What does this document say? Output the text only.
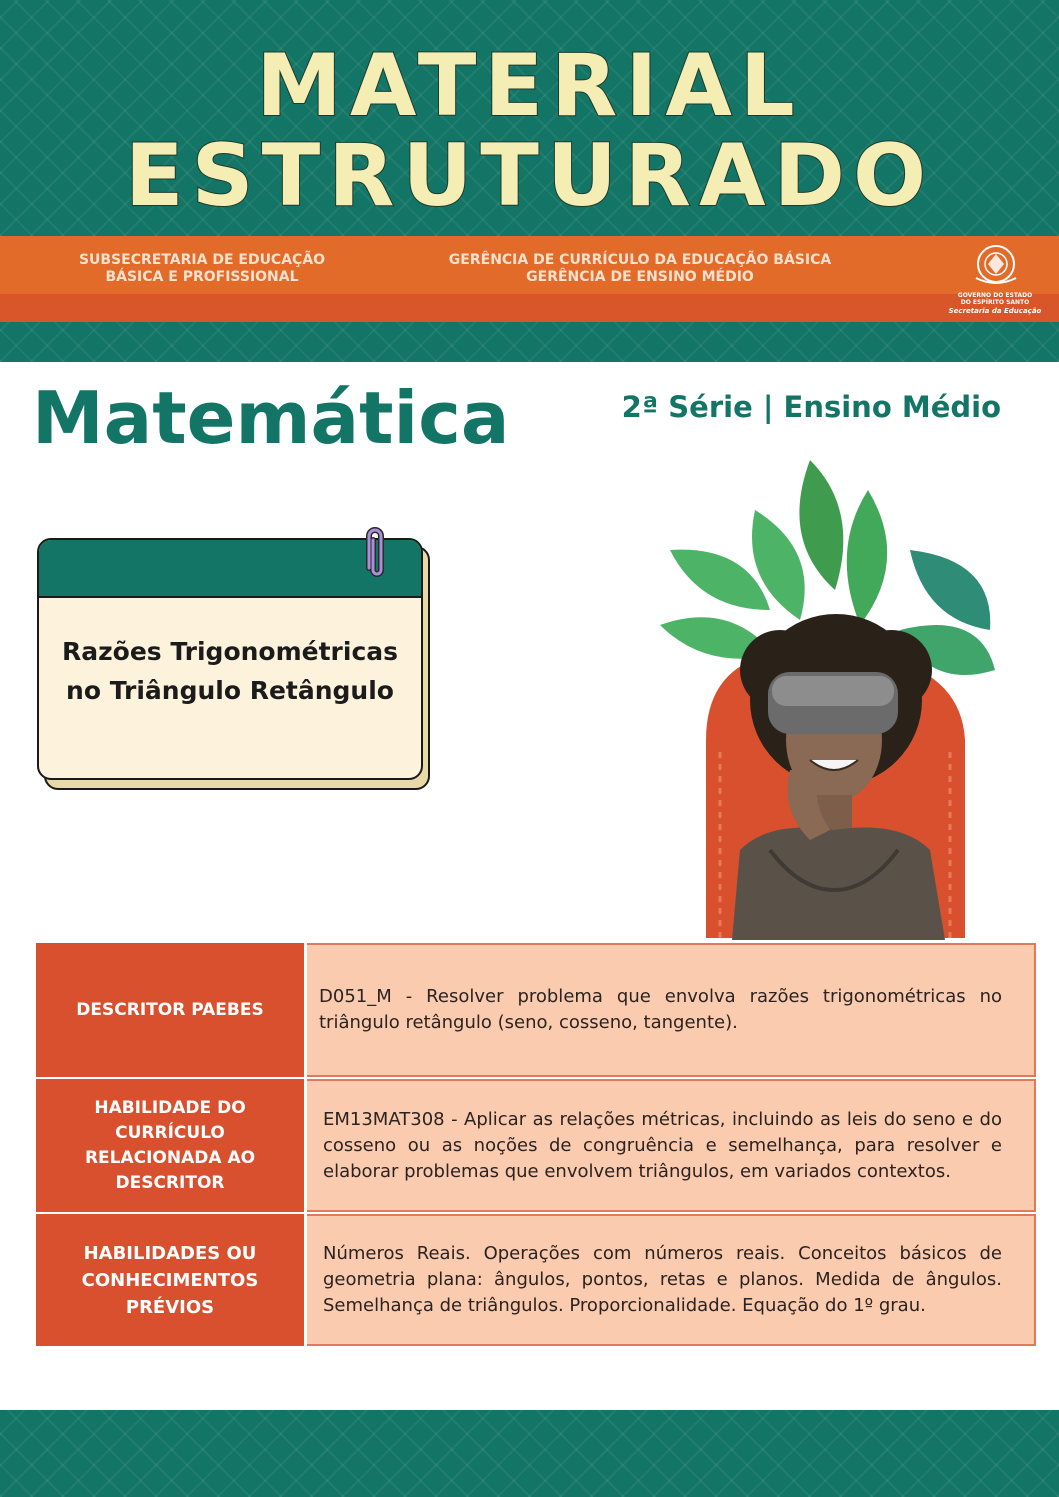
MATERIAL
ESTRUTURADO
SUBSECRETARIA DE EDUCAÇÃO
BÁSICA E PROFISSIONAL
GERÊNCIA DE CURRÍCULO DA EDUCAÇÃO BÁSICA
GERÊNCIA DE ENSINO MÉDIO
GOVERNO DO ESTADO
DO ESPÍRITO SANTO
Secretaria da Educação
Matemática	2ª Série | Ensino Médio
Razões Trigonométricas
no Triângulo Retângulo
DESCRITOR PAEBES
D051_M - Resolver problema que envolva razões trigonométricas no triângulo retângulo (seno, cosseno, tangente).
HABILIDADE DO CURRÍCULO RELACIONADA AO DESCRITOR
EM13MAT308 - Aplicar as relações métricas, incluindo as leis do seno e do cosseno ou as noções de congruência e semelhança, para resolver e elaborar problemas que envolvem triângulos, em variados contextos.
HABILIDADES OU CONHECIMENTOS PRÉVIOS
Números Reais. Operações com números reais. Conceitos básicos de geometria plana: ângulos, pontos, retas e planos. Medida de ângulos. Semelhança de triângulos. Proporcionalidade. Equação do 1º grau.
